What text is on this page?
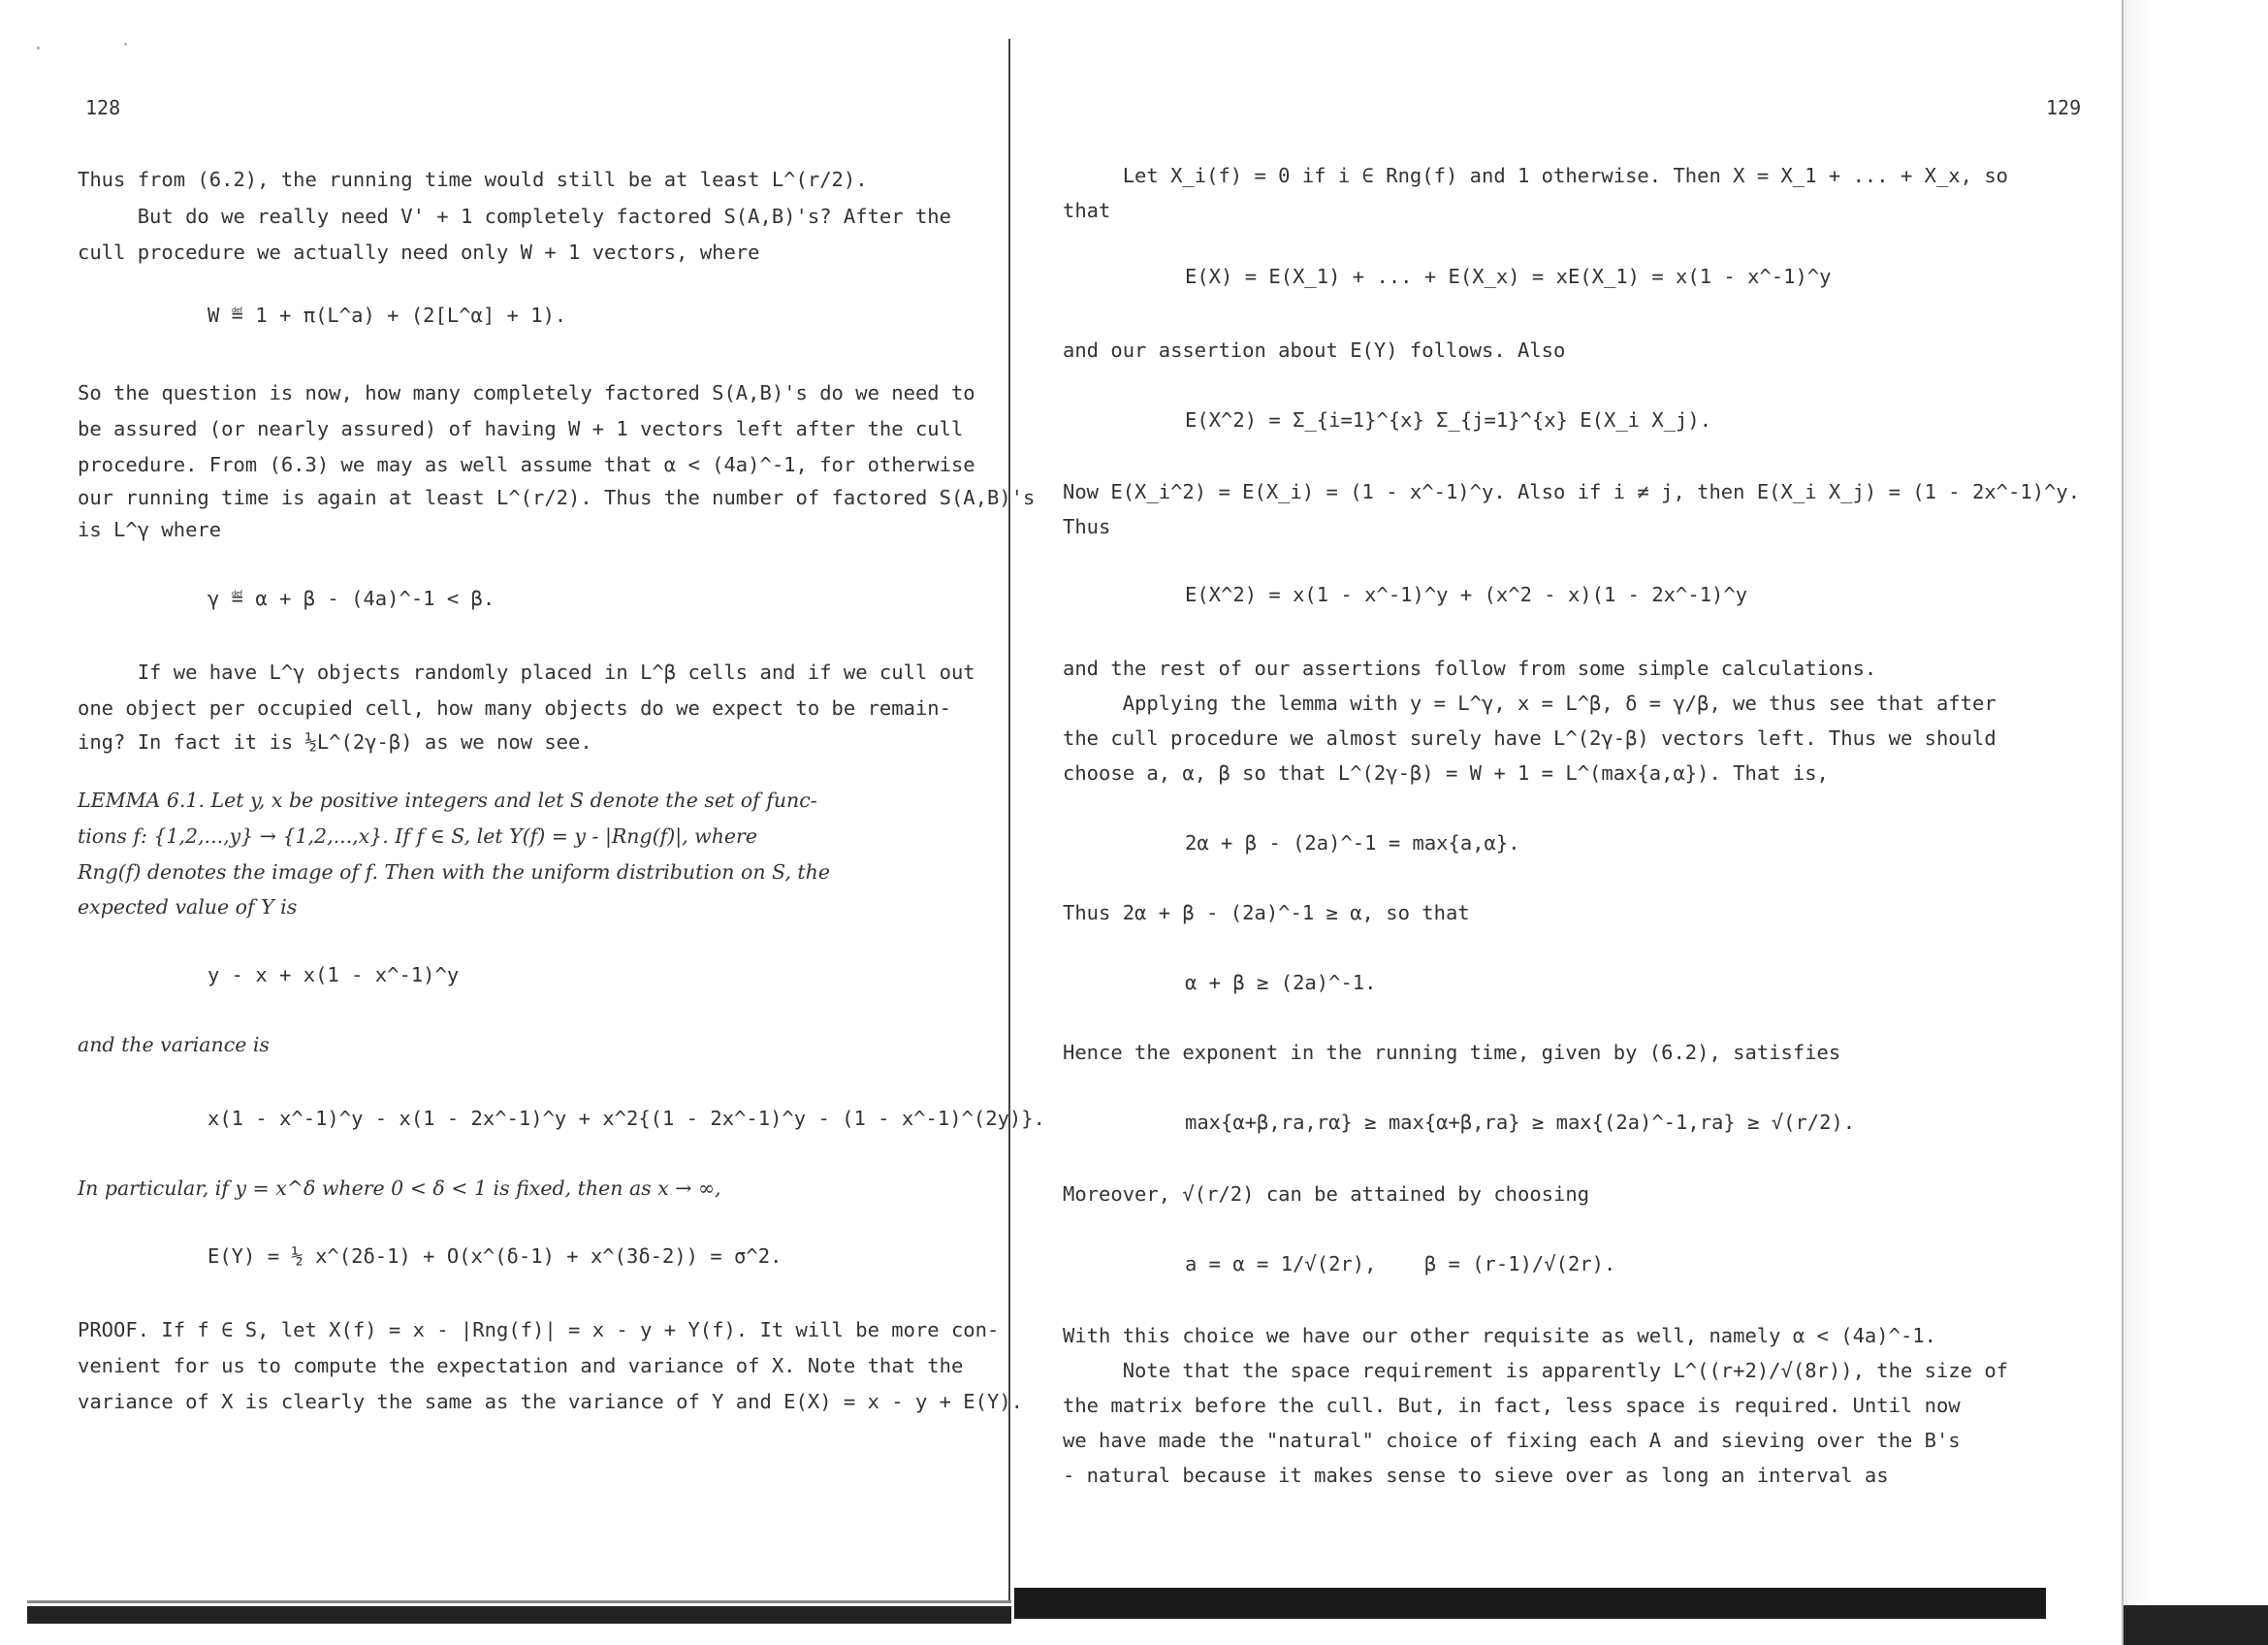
128
Thus from (6.2), the running time would still be at least L^(r/2).
But do we really need V' + 1 completely factored S(A,B)'s? After the
cull procedure we actually need only W + 1 vectors, where
W ≝ 1 + π(L^a) + (2[L^α] + 1).
So the question is now, how many completely factored S(A,B)'s do we need to
be assured (or nearly assured) of having W + 1 vectors left after the cull
procedure. From (6.3) we may as well assume that α < (4a)^-1, for otherwise
our running time is again at least L^(r/2). Thus the number of factored S(A,B)'s
is L^γ where
γ ≝ α + β - (4a)^-1 < β.
If we have L^γ objects randomly placed in L^β cells and if we cull out
one object per occupied cell, how many objects do we expect to be remain-
ing? In fact it is ½L^(2γ-β) as we now see.
LEMMA 6.1. Let y, x be positive integers and let S denote the set of func-
tions f: {1,2,...,y} → {1,2,...,x}. If f ∈ S, let Y(f) = y - |Rng(f)|, where
Rng(f) denotes the image of f. Then with the uniform distribution on S, the
expected value of Y is
y - x + x(1 - x^-1)^y
and the variance is
x(1 - x^-1)^y - x(1 - 2x^-1)^y + x^2{(1 - 2x^-1)^y - (1 - x^-1)^(2y)}.
In particular, if y = x^δ where 0 < δ < 1 is fixed, then as x → ∞,
E(Y) = ½ x^(2δ-1) + O(x^(δ-1) + x^(3δ-2)) = σ^2.
PROOF. If f ∈ S, let X(f) = x - |Rng(f)| = x - y + Y(f). It will be more con-
venient for us to compute the expectation and variance of X. Note that the
variance of X is clearly the same as the variance of Y and E(X) = x - y + E(Y).
129
Let X_i(f) = 0 if i ∈ Rng(f) and 1 otherwise. Then X = X_1 + ... + X_x, so
that
E(X) = E(X_1) + ... + E(X_x) = xE(X_1) = x(1 - x^-1)^y
and our assertion about E(Y) follows. Also
E(X^2) = Σ_{i=1}^{x} Σ_{j=1}^{x} E(X_i X_j).
Now E(X_i^2) = E(X_i) = (1 - x^-1)^y. Also if i ≠ j, then E(X_i X_j) = (1 - 2x^-1)^y.
Thus
E(X^2) = x(1 - x^-1)^y + (x^2 - x)(1 - 2x^-1)^y
and the rest of our assertions follow from some simple calculations.
Applying the lemma with y = L^γ, x = L^β, δ = γ/β, we thus see that after
the cull procedure we almost surely have L^(2γ-β) vectors left. Thus we should
choose a, α, β so that L^(2γ-β) = W + 1 = L^(max{a,α}). That is,
2α + β - (2a)^-1 = max{a,α}.
Thus 2α + β - (2a)^-1 ≥ α, so that
α + β ≥ (2a)^-1.
Hence the exponent in the running time, given by (6.2), satisfies
max{α+β,ra,rα} ≥ max{α+β,ra} ≥ max{(2a)^-1,ra} ≥ √(r/2).
Moreover, √(r/2) can be attained by choosing
a = α = 1/√(2r),    β = (r-1)/√(2r).
With this choice we have our other requisite as well, namely α < (4a)^-1.
Note that the space requirement is apparently L^((r+2)/√(8r)), the size of
the matrix before the cull. But, in fact, less space is required. Until now
we have made the "natural" choice of fixing each A and sieving over the B's
- natural because it makes sense to sieve over as long an interval as
